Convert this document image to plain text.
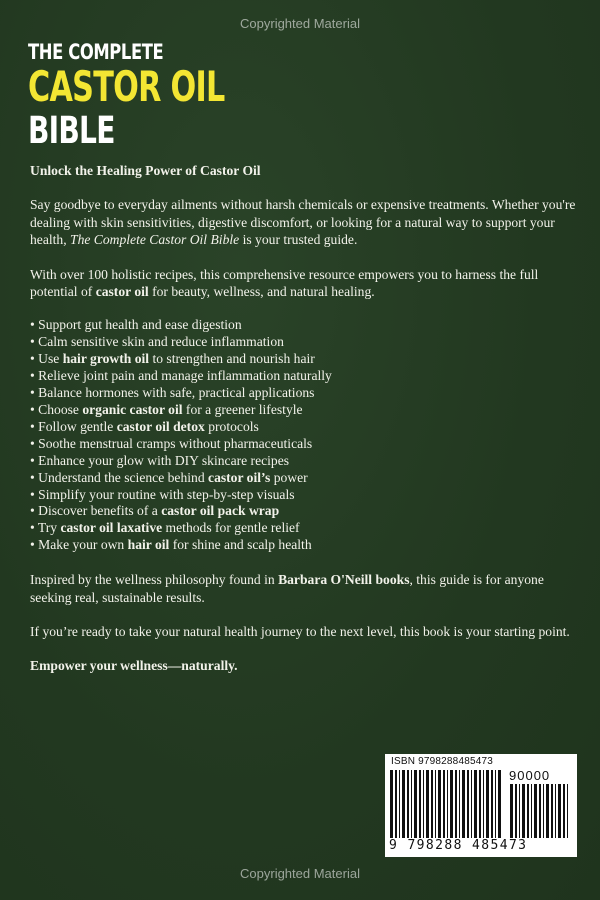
Copyrighted Material
THE COMPLETE
CASTOR OIL
BIBLE

Unlock the Healing Power of Castor Oil

Say goodbye to everyday ailments without harsh chemicals or expensive treatments. Whether you're dealing with skin sensitivities, digestive discomfort, or looking for a natural way to support your health, The Complete Castor Oil Bible is your trusted guide.

With over 100 holistic recipes, this comprehensive resource empowers you to harness the full potential of castor oil for beauty, wellness, and natural healing.

• Support gut health and ease digestion
• Calm sensitive skin and reduce inflammation
• Use hair growth oil to strengthen and nourish hair
• Relieve joint pain and manage inflammation naturally
• Balance hormones with safe, practical applications
• Choose organic castor oil for a greener lifestyle
• Follow gentle castor oil detox protocols
• Soothe menstrual cramps without pharmaceuticals
• Enhance your glow with DIY skincare recipes
• Understand the science behind castor oil’s power
• Simplify your routine with step-by-step visuals
• Discover benefits of a castor oil pack wrap
• Try castor oil laxative methods for gentle relief
• Make your own hair oil for shine and scalp health

Inspired by the wellness philosophy found in Barbara O'Neill books, this guide is for anyone seeking real, sustainable results.

If you’re ready to take your natural health journey to the next level, this book is your starting point.

Empower your wellness—naturally.

ISBN 9798288485473
90000
9 798288 485473
Copyrighted Material
